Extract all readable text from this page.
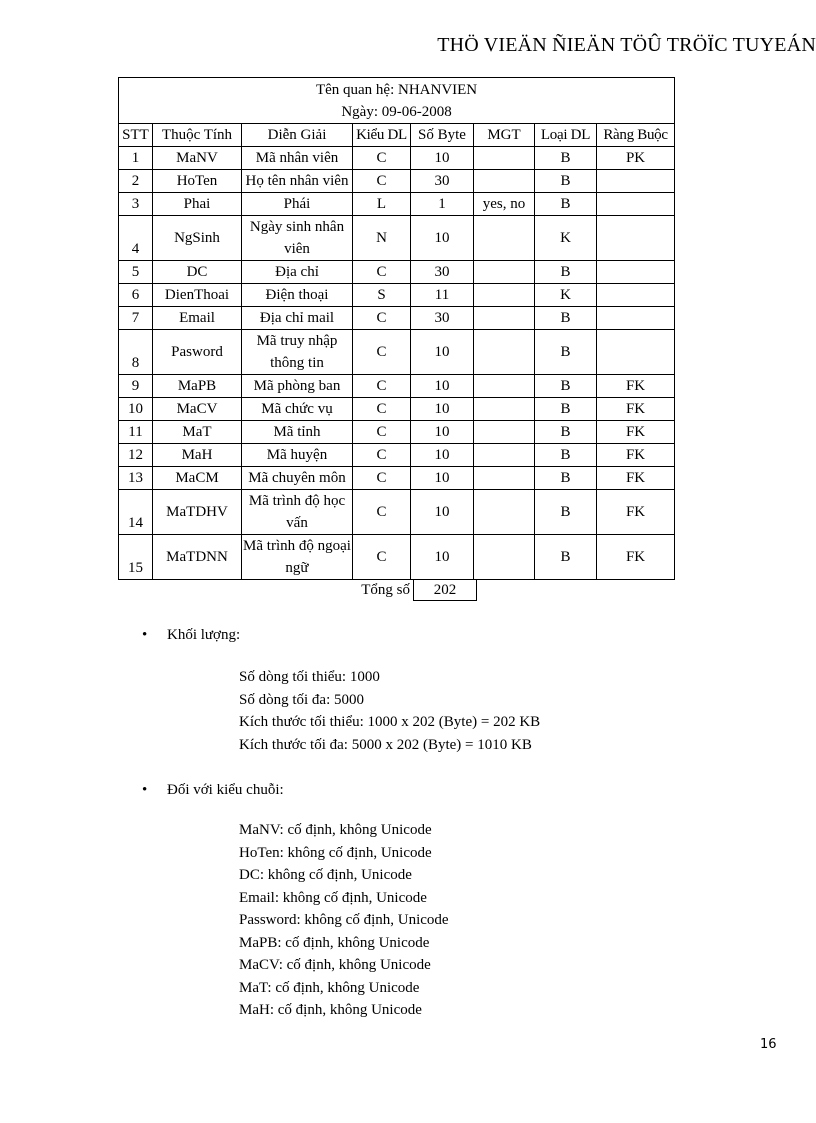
THÖ VIEÄN ÑIEÄN TÖÛ TRÖÏC TUYEÁN
Tên quan hệ: NHANVIEN
Ngày: 09-06-2008							

STT	Thuộc Tính	Diễn Giải	Kiểu DL	Số Byte	MGT	Loại DL	Ràng Buộc
1	MaNV	Mã nhân viên	C	10		B	PK
2	HoTen	Họ tên nhân viên	C	30		B	
3	Phai	Phái	L	1	yes, no	B	
4	NgSinh	Ngày sinh nhân viên	N	10		K	
5	DC	Địa chỉ	C	30		B	
6	DienThoai	Điện thoại	S	11		K	
7	Email	Địa chỉ mail	C	30		B	
8	Pasword	Mã truy nhập thông tin	C	10		B	
9	MaPB	Mã phòng ban	C	10		B	FK
10	MaCV	Mã chức vụ	C	10		B	FK
11	MaT	Mã tỉnh	C	10		B	FK
12	MaH	Mã huyện	C	10		B	FK
13	MaCM	Mã chuyên môn	C	10		B	FK
14	MaTDHV	Mã trình độ học vấn	C	10		B	FK
15	MaTDNN	Mã trình độ ngoại ngữ	C	10		B	FK
Tổng số	202
• Khối lượng:
Số dòng tối thiểu: 1000
Số dòng tối đa: 5000
Kích thước tối thiểu: 1000 x 202 (Byte) = 202 KB
Kích thước tối đa: 5000 x 202 (Byte) = 1010 KB
• Đối với kiểu chuỗi:
MaNV: cố định, không Unicode
HoTen: không cố định, Unicode
DC: không cố định, Unicode
Email: không cố định, Unicode
Password: không cố định, Unicode
MaPB: cố định, không Unicode
MaCV: cố định, không Unicode
MaT: cố định, không Unicode
MaH: cố định, không Unicode
16
